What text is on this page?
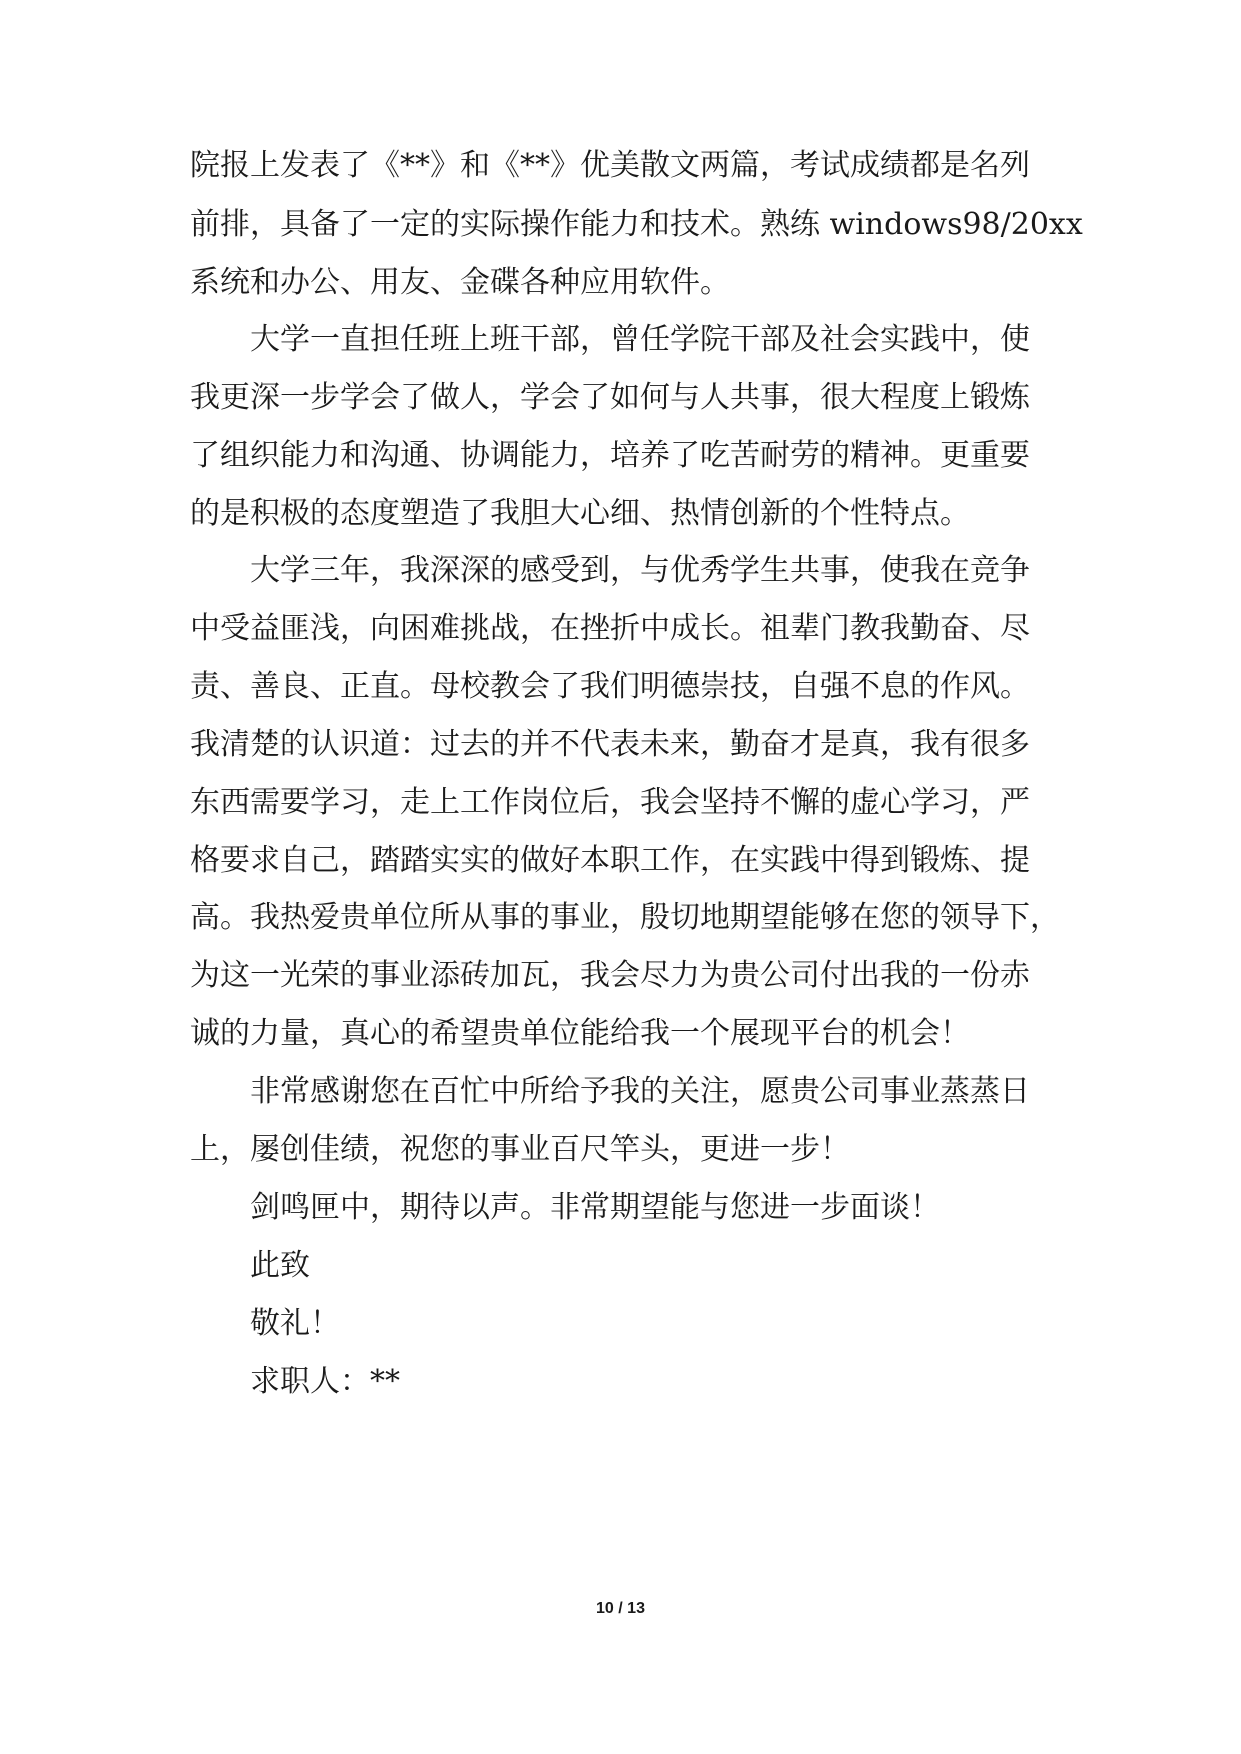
院报上发表了《**》和《**》优美散文两篇，考试成绩都是名列
前排，具备了一定的实际操作能力和技术。熟练 windows98/20xx
系统和办公、用友、金碟各种应用软件。
大学一直担任班上班干部，曾任学院干部及社会实践中，使
我更深一步学会了做人，学会了如何与人共事，很大程度上锻炼
了组织能力和沟通、协调能力，培养了吃苦耐劳的精神。更重要
的是积极的态度塑造了我胆大心细、热情创新的个性特点。
大学三年，我深深的感受到，与优秀学生共事，使我在竞争
中受益匪浅，向困难挑战，在挫折中成长。祖辈门教我勤奋、尽
责、善良、正直。母校教会了我们明德崇技，自强不息的作风。
我清楚的认识道：过去的并不代表未来，勤奋才是真，我有很多
东西需要学习，走上工作岗位后，我会坚持不懈的虚心学习，严
格要求自己，踏踏实实的做好本职工作，在实践中得到锻炼、提
高。我热爱贵单位所从事的事业，殷切地期望能够在您的领导下，
为这一光荣的事业添砖加瓦，我会尽力为贵公司付出我的一份赤
诚的力量，真心的希望贵单位能给我一个展现平台的机会！
非常感谢您在百忙中所给予我的关注，愿贵公司事业蒸蒸日
上，屡创佳绩，祝您的事业百尺竿头，更进一步！
剑鸣匣中，期待以声。非常期望能与您进一步面谈！
此致
敬礼！
求职人：**
10 / 13
